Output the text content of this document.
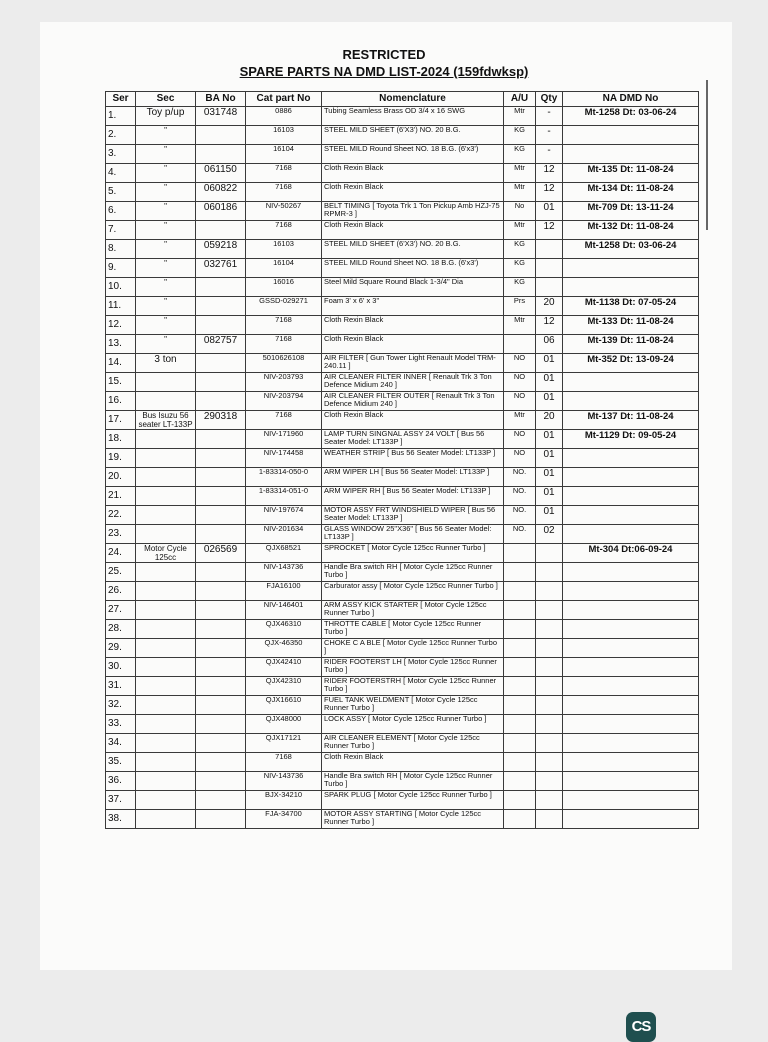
RESTRICTED
SPARE PARTS NA DMD LIST-2024 (159fdwksp)
Ser	Sec	BA No	Cat part No	Nomenclature	A/U	Qty	NA DMD No
1.	Toy p/up	031748	0886	Tubing Seamless Brass OD 3/4 x 16 SWG	Mtr	-	Mt-1258 Dt: 03-06-24
2.	"		16103	STEEL MILD SHEET (6'X3') NO. 20 B.G.	KG	-	
3.	"		16104	STEEL MILD Round Sheet NO. 18 B.G. (6'x3')	KG	-	
4.	"	061150	7168	Cloth Rexin Black	Mtr	12	Mt-135 Dt: 11-08-24
5.	"	060822	7168	Cloth Rexin Black	Mtr	12	Mt-134 Dt: 11-08-24
6.	"	060186	NIV-50267	BELT TIMING [ Toyota Trk 1 Ton Pickup Amb HZJ-75 RPMR-3 ]	No	01	Mt-709 Dt: 13-11-24
7.	"		7168	Cloth Rexin Black	Mtr	12	Mt-132 Dt: 11-08-24
8.	"	059218	16103	STEEL MILD SHEET (6'X3') NO. 20 B.G.	KG		Mt-1258 Dt: 03-06-24
9.	"	032761	16104	STEEL MILD Round Sheet NO. 18 B.G. (6'x3')	KG		
10.	"		16016	Steel Mild Square Round Black 1-3/4" Dia	KG		
11.	"		GSSD-029271	Foam 3' x 6' x 3"	Prs	20	Mt-1138 Dt: 07-05-24
12.	"		7168	Cloth Rexin Black	Mtr	12	Mt-133 Dt: 11-08-24
13.	"	082757	7168	Cloth Rexin Black		06	Mt-139 Dt: 11-08-24
14.	3 ton		5010626108	AIR FILTER [ Gun Tower Light Renault Model TRM-240.11 ]	NO	01	Mt-352 Dt: 13-09-24
15.			NIV-203793	AIR CLEANER FILTER INNER [ Renault Trk 3 Ton Defence Midium 240 ]	NO	01	
16.			NIV-203794	AIR CLEANER FILTER OUTER [ Renault Trk 3 Ton Defence Midium 240 ]	NO	01	
17.	Bus Isuzu 56 seater LT-133P	290318	7168	Cloth Rexin Black	Mtr	20	Mt-137 Dt: 11-08-24
18.			NIV-171960	LAMP TURN SINGNAL ASSY 24 VOLT [ Bus 56 Seater Model: LT133P ]	NO	01	Mt-1129 Dt: 09-05-24
19.			NIV-174458	WEATHER STRIP [ Bus 56 Seater Model: LT133P ]	NO	01	
20.			1-83314-050-0	ARM WIPER LH [ Bus 56 Seater Model: LT133P ]	NO.	01	
21.			1-83314-051-0	ARM WIPER RH [ Bus 56 Seater Model: LT133P ]	NO.	01	
22.			NIV-197674	MOTOR ASSY FRT WINDSHIELD WIPER [ Bus 56 Seater Model: LT133P ]	NO.	01	
23.			NIV-201634	GLASS WINDOW 25"X36" [ Bus 56 Seater Model: LT133P ]	NO.	02	
24.	Motor Cycle 125cc	026569	QJX68521	SPROCKET [ Motor Cycle 125cc Runner Turbo ]			Mt-304 Dt:06-09-24
25.			NIV-143736	Handle Bra switch RH [ Motor Cycle 125cc Runner Turbo ]			
26.			FJA16100	Carburator assy [ Motor Cycle 125cc Runner Turbo ]			
27.			NIV-146401	ARM ASSY KICK STARTER [ Motor Cycle 125cc Runner Turbo ]			
28.			QJX46310	THROTTE CABLE [ Motor Cycle 125cc Runner Turbo ]			
29.			QJX-46350	CHOKE C A BLE [ Motor Cycle 125cc Runner Turbo ]			
30.			QJX42410	RIDER FOOTERST LH [ Motor Cycle 125cc Runner Turbo ]			
31.			QJX42310	RIDER FOOTERSTRH [ Motor Cycle 125cc Runner Turbo ]			
32.			QJX16610	FUEL TANK WELDMENT [ Motor Cycle 125cc Runner Turbo ]			
33.			QJX48000	LOCK ASSY [ Motor Cycle 125cc Runner Turbo ]			
34.			QJX17121	AIR CLEANER ELEMENT [ Motor Cycle 125cc Runner Turbo ]			
35.			7168	Cloth Rexin Black			
36.			NIV-143736	Handle Bra switch RH [ Motor Cycle 125cc Runner Turbo ]			
37.			BJX-34210	SPARK PLUG [ Motor Cycle 125cc Runner Turbo ]			
38.			FJA-34700	MOTOR ASSY STARTING [ Motor Cycle 125cc Runner Turbo ]			
CS
